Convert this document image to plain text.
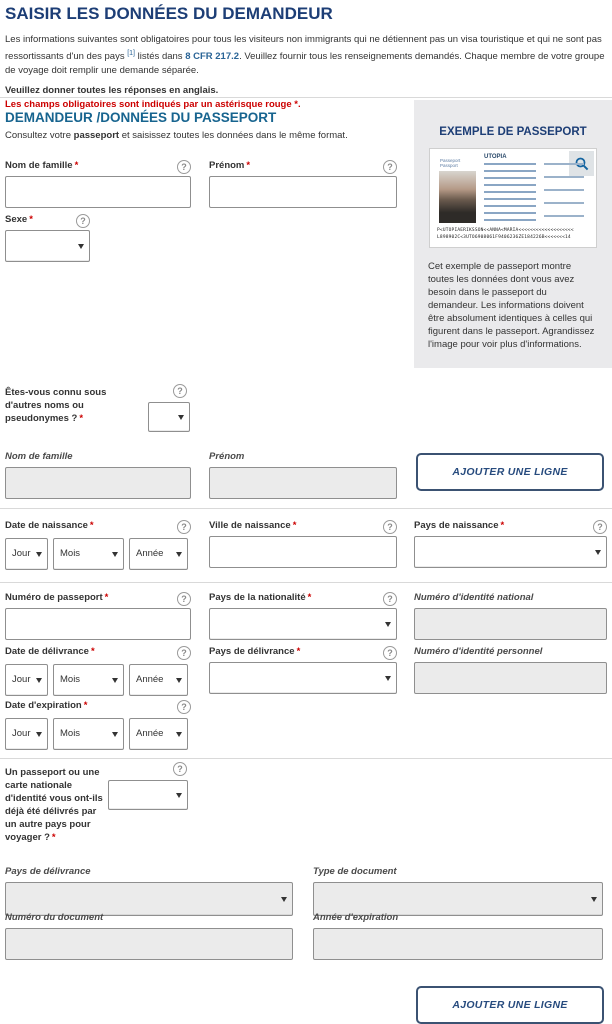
SAISIR LES DONNÉES DU DEMANDEUR

Les informations suivantes sont obligatoires pour tous les visiteurs non immigrants qui ne détiennent pas un visa touristique et qui ne sont pas ressortissants d'un des pays [1] listés dans 8 CFR 217.2. Veuillez fournir tous les renseignements demandés. Chaque membre de votre groupe de voyage doit remplir une demande séparée.

Veuillez donner toutes les réponses en anglais.
Les champs obligatoires sont indiqués par un astérisque rouge *.
DEMANDEUR /DONNÉES DU PASSEPORT
Consultez votre passeport et saisissez toutes les données dans le même format.
Nom de famille *	?	Prénom *	?
Sexe *	?
EXEMPLE DE PASSEPORT
Passeport
Passport
UTOPIA
P<UTOPIAERIKSSON<<ANNA<MARIA<<<<<<<<<<<<<<<<<<<
L898902C<3UTO6908061F9406236ZE184226B<<<<<<<14
Cet exemple de passeport montre toutes les données dont vous avez besoin dans le passeport du demandeur. Les informations doivent être absolument identiques à celles qui figurent dans le passeport. Agrandissez l'image pour voir plus d'informations.
Êtes-vous connu sous d'autres noms ou pseudonymes ? *
?
Nom de famille	Prénom
AJOUTER UNE LIGNE
Date de naissance *	?
Jour	Mois	Année
Ville de naissance *	?	Pays de naissance *	?
Numéro de passeport *	?	Pays de la nationalité *	?	Numéro d'identité national
Date de délivrance *	?
Jour	Mois	Année
Pays de délivrance *	?	Numéro d'identité personnel
Date d'expiration *	?
Jour	Mois	Année
Un passeport ou une carte nationale d'identité vous ont-ils déjà été délivrés par un autre pays pour voyager ? *
?
Pays de délivrance	Type de document
Numéro du document	Année d'expiration
AJOUTER UNE LIGNE
